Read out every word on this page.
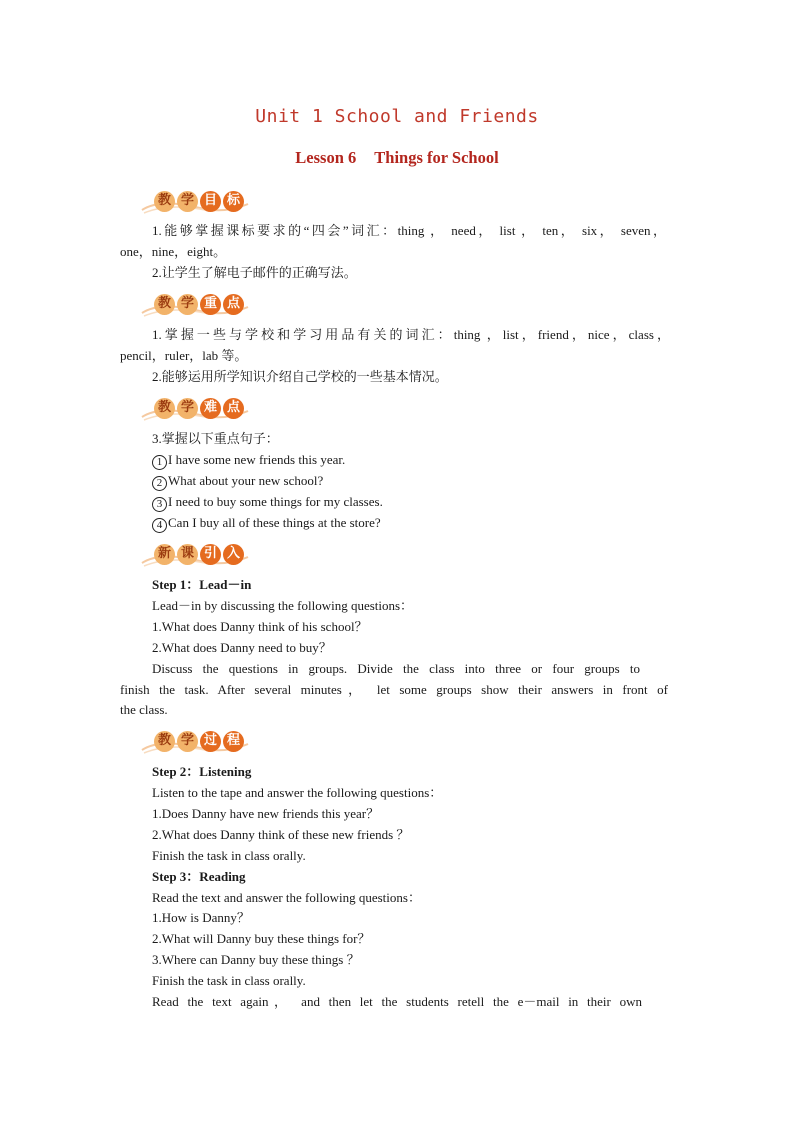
Unit 1 School and Friends
Lesson 6 Things for School
教 学 目 标
1.能够掌握课标要求的“四会”词汇：thing ， need， list ， ten， six， seven，
one，nine，eight。
2.让学生了解电子邮件的正确写法。
教 学 重 点
1.掌握一些与学校和学习用品有关的词汇：thing ，list，friend，nice，class，
pencil，ruler，lab 等。
2.能够运用所学知识介绍自己学校的一些基本情况。
教 学 难 点
3.掌握以下重点句子：
1 I have some new friends this year.
2 What about your new school?
3 I need to buy some things for my classes.
4 Can I buy all of these things at the store?
新 课 引 入
Step 1：Lead－in
Lead－in by discussing the following questions：
1.What does Danny think of his school？
2.What does Danny need to buy？
Discuss the questions in groups. Divide the class into three or four groups to
finish the task. After several minutes， let some groups show their answers in front of
the class.
教 学 过 程
Step 2：Listening
Listen to the tape and answer the following questions：
1.Does Danny have new friends this year？
2.What does Danny think of these new friends ？
Finish the task in class orally.
Step 3：Reading
Read the text and answer the following questions：
1.How is Danny？
2.What will Danny buy these things for？
3.Where can Danny buy these things ？
Finish the task in class orally.
Read the text again， and then let the students retell the e－mail in their own
